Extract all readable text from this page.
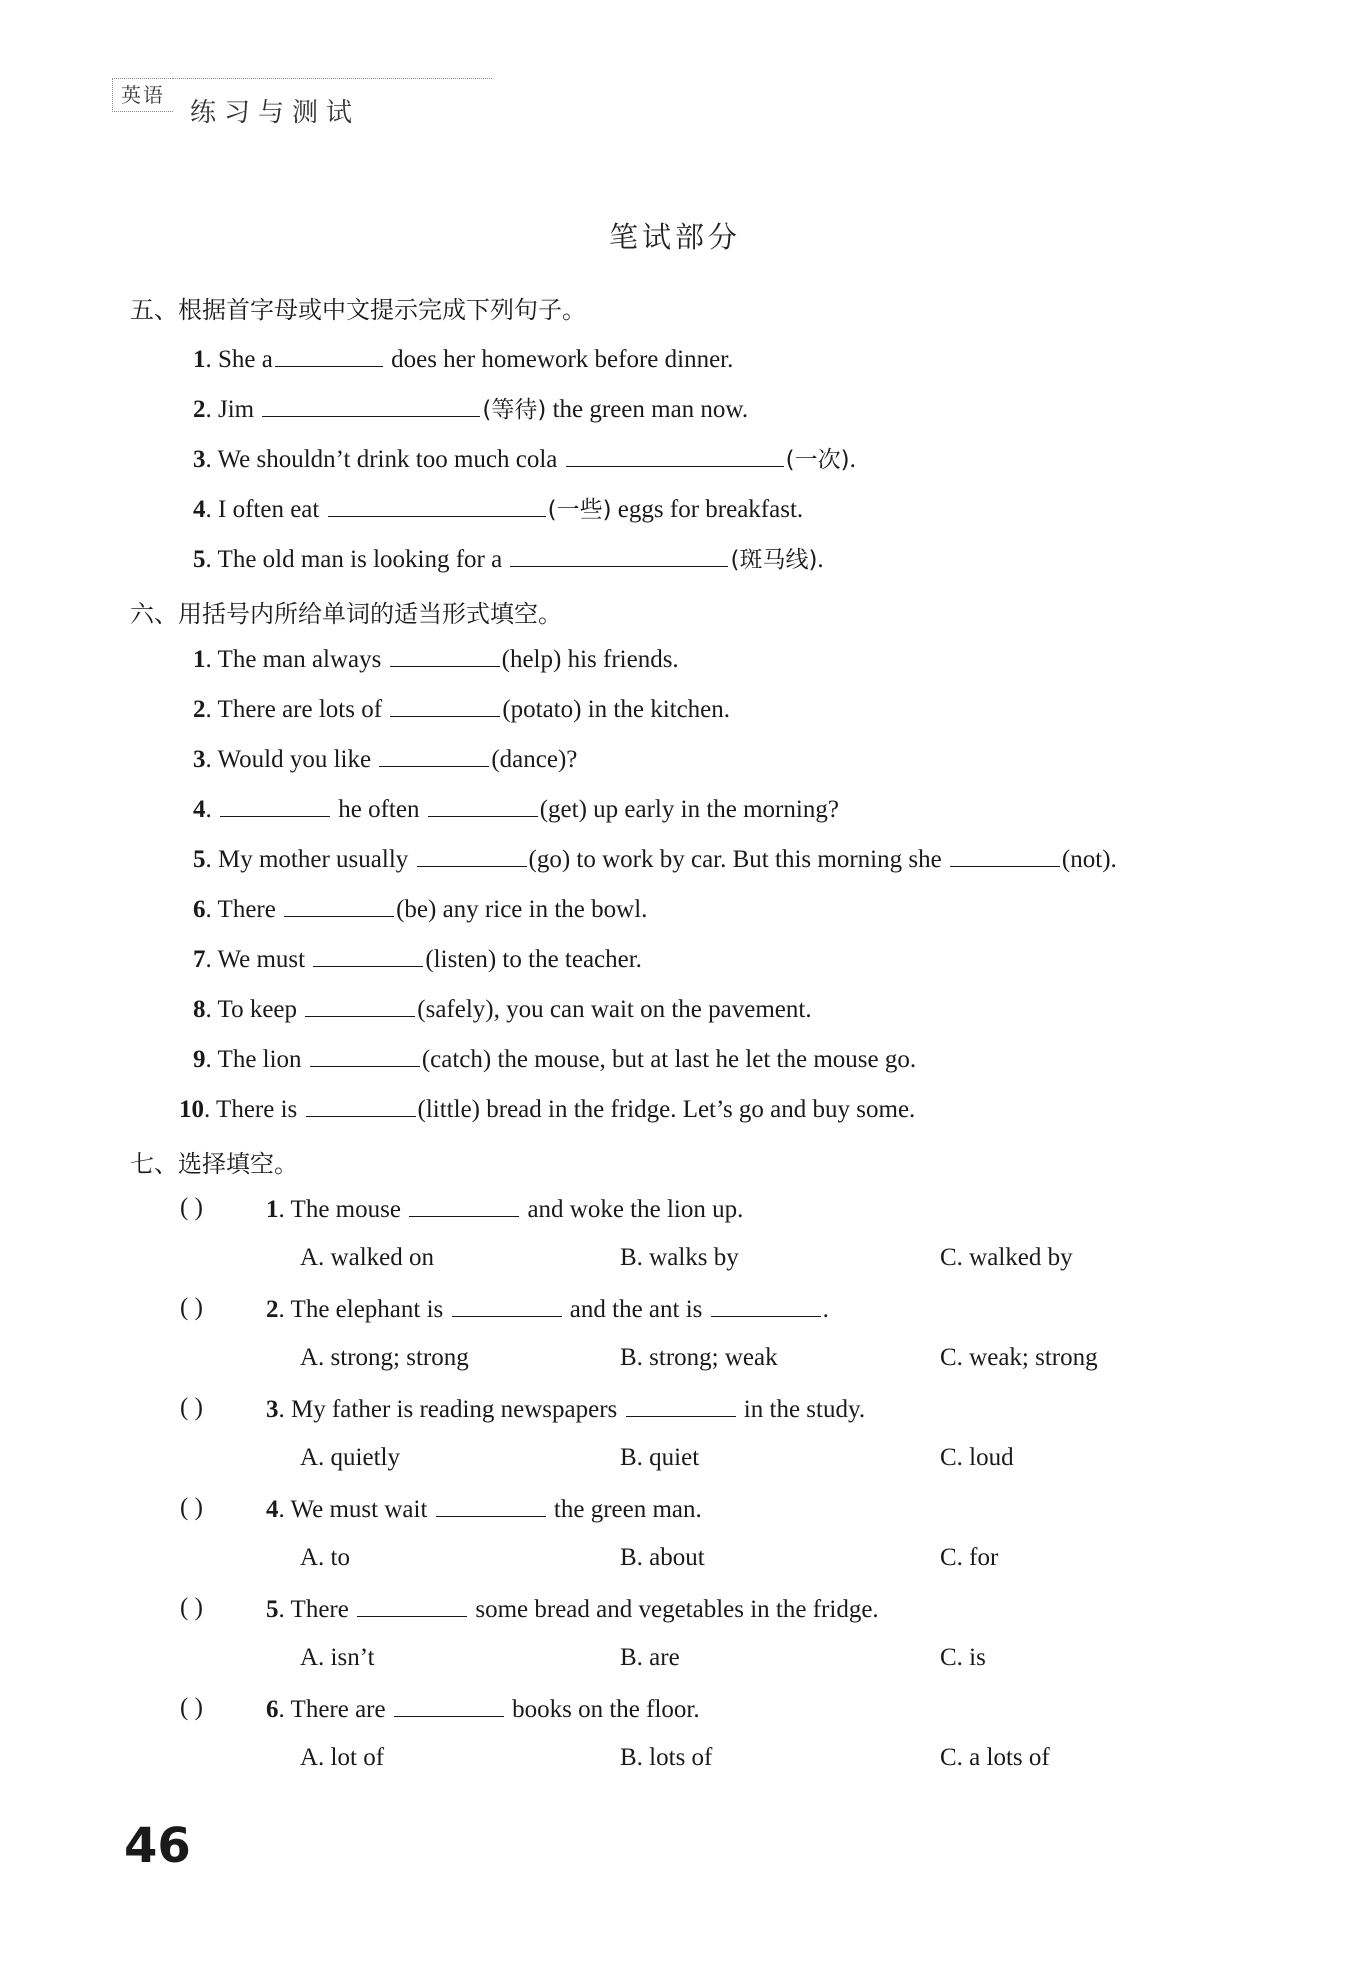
英语
练习与测试
笔试部分
五、根据首字母或中文提示完成下列句子。
1. She a	does her homework before dinner.
2. Jim	(等待) the green man now.
3. We shouldn’t drink too much cola	(一次).
4. I often eat	(一些) eggs for breakfast.
5. The old man is looking for a	(斑马线).
六、用括号内所给单词的适当形式填空。
1. The man always	(help) his friends.
2. There are lots of	(potato) in the kitchen.
3. Would you like	(dance)?
4.	he often	(get) up early in the morning?
5. My mother usually	(go) to work by car. But this morning she	(not).
6. There	(be) any rice in the bowl.
7. We must	(listen) to the teacher.
8. To keep	(safely), you can wait on the pavement.
9. The lion	(catch) the mouse, but at last he let the mouse go.
10. There is	(little) bread in the fridge. Let’s go and buy some.
七、选择填空。
( )	1. The mouse	and woke the lion up.
A. walked on	B. walks by	C. walked by
( )	2. The elephant is	and the ant is	.
A. strong; strong	B. strong; weak	C. weak; strong
( )	3. My father is reading newspapers	in the study.
A. quietly	B. quiet	C. loud
( )	4. We must wait	the green man.
A. to	B. about	C. for
( )	5. There	some bread and vegetables in the fridge.
A. isn’t	B. are	C. is
( )	6. There are	books on the floor.
A. lot of	B. lots of	C. a lots of
46
